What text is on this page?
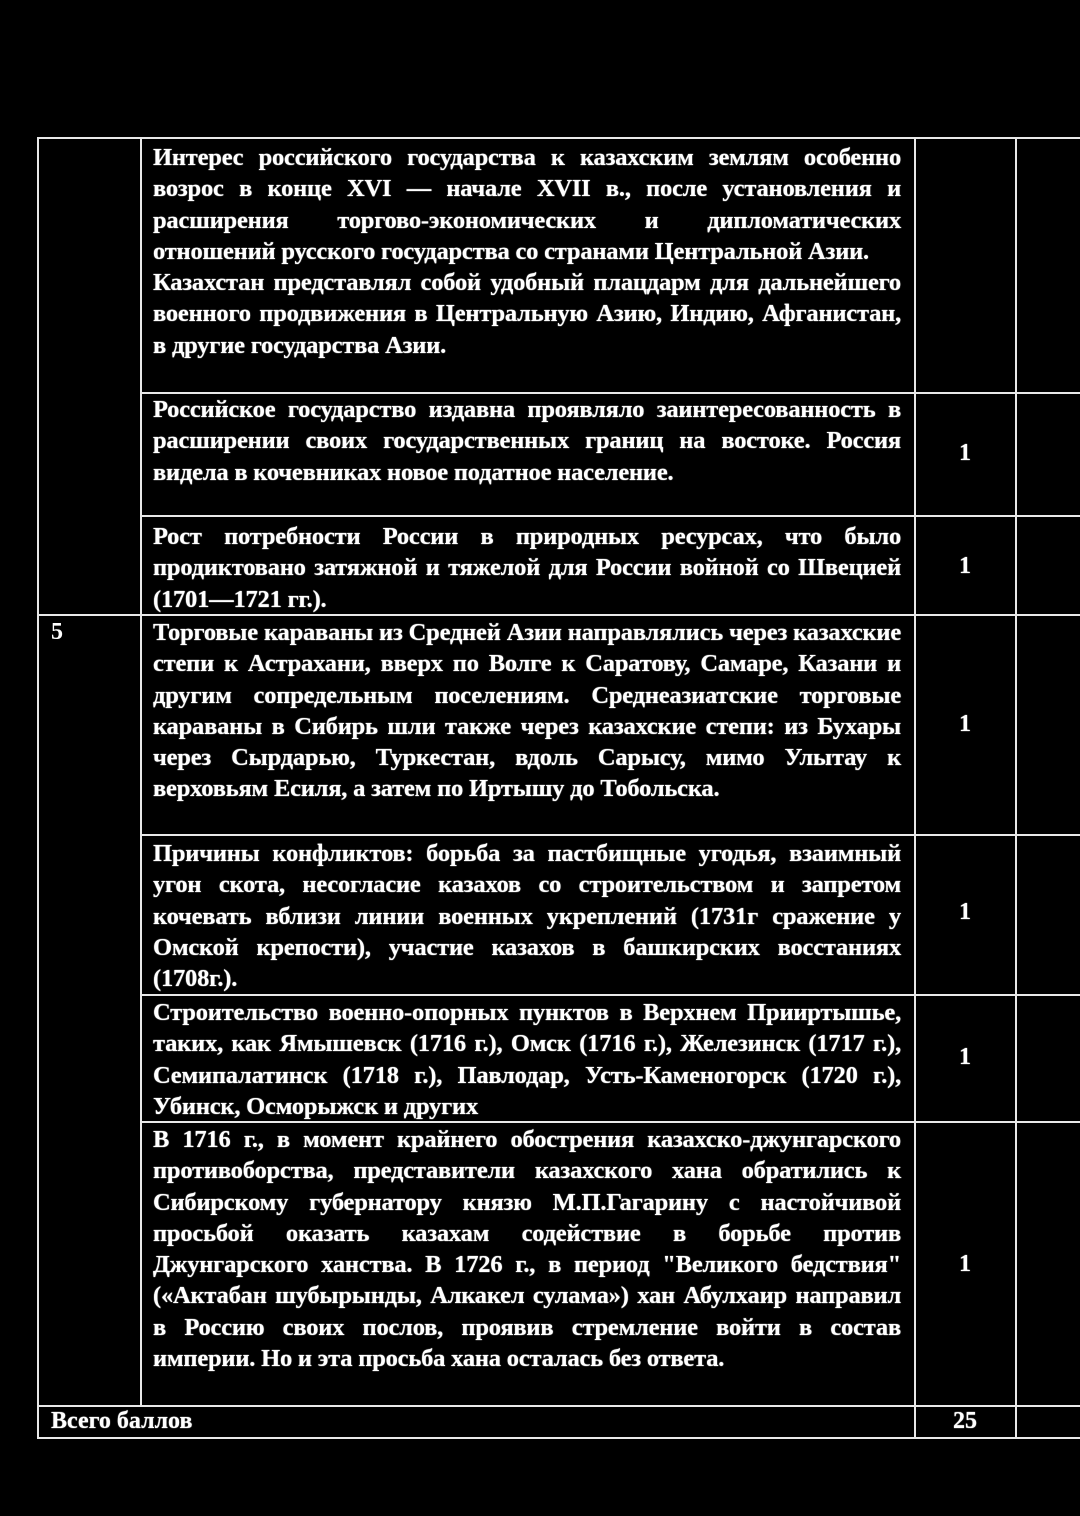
Интерес российского государства к казахским землям особенно возрос в конце XVI — начале XVII в., после установления и расширения торгово-экономических и дипломатических отношений русского государства со странами Центральной Азии.

Казахстан представлял собой удобный плацдарм для дальнейшего военного продвижения в Центральную Азию, Индию, Афганистан, в другие государства Азии.

Российское государство издавна проявляло заинтересованность в расширении своих государственных границ на востоке. Россия видела в кочевниках новое податное население.

1

Рост потребности России в природных ресурсах, что было продиктовано затяжной и тяжелой для России войной со Швецией (1701—1721 гг.).

1
5	Торговые караваны из Средней Азии направлялись через казахские степи к Астрахани, вверх по Волге к Саратову, Самаре, Казани и другим сопредельным поселениям. Среднеазиатские торговые караваны в Сибирь шли также через казахские степи: из Бухары через Сырдарью, Туркестан, вдоль Сарысу, мимо Улытау к верховьям Есиля, а затем по Иртышу до Тобольска.

1

Причины конфликтов: борьба за пастбищные угодья, взаимный угон скота, несогласие казахов со строительством и запретом кочевать вблизи линии военных укреплений (1731г сражение у Омской крепости), участие казахов в башкирских восстаниях (1708г.).

1

Строительство военно-опорных пунктов в Верхнем Прииртышье, таких, как Ямышевск (1716 г.), Омск (1716 г.), Железинск (1717 г.), Семипалатинск (1718 г.), Павлодар, Усть-Каменогорск (1720 г.), Убинск, Осморыжск и других

1

В 1716 г., в момент крайнего обострения казахско-джунгарского противоборства, представители казахского хана обратились к Сибирскому губернатору князю М.П.Гагарину с настойчивой просьбой оказать казахам содействие в борьбе против Джунгарского ханства. В 1726 г., в период "Великого бедствия" («Актабан шубырынды, Алкакел сулама») хан Абулхаир направил в Россию своих послов, проявив стремление войти в состав империи. Но и эта просьба хана осталась без ответа.

1
Всего баллов	25
